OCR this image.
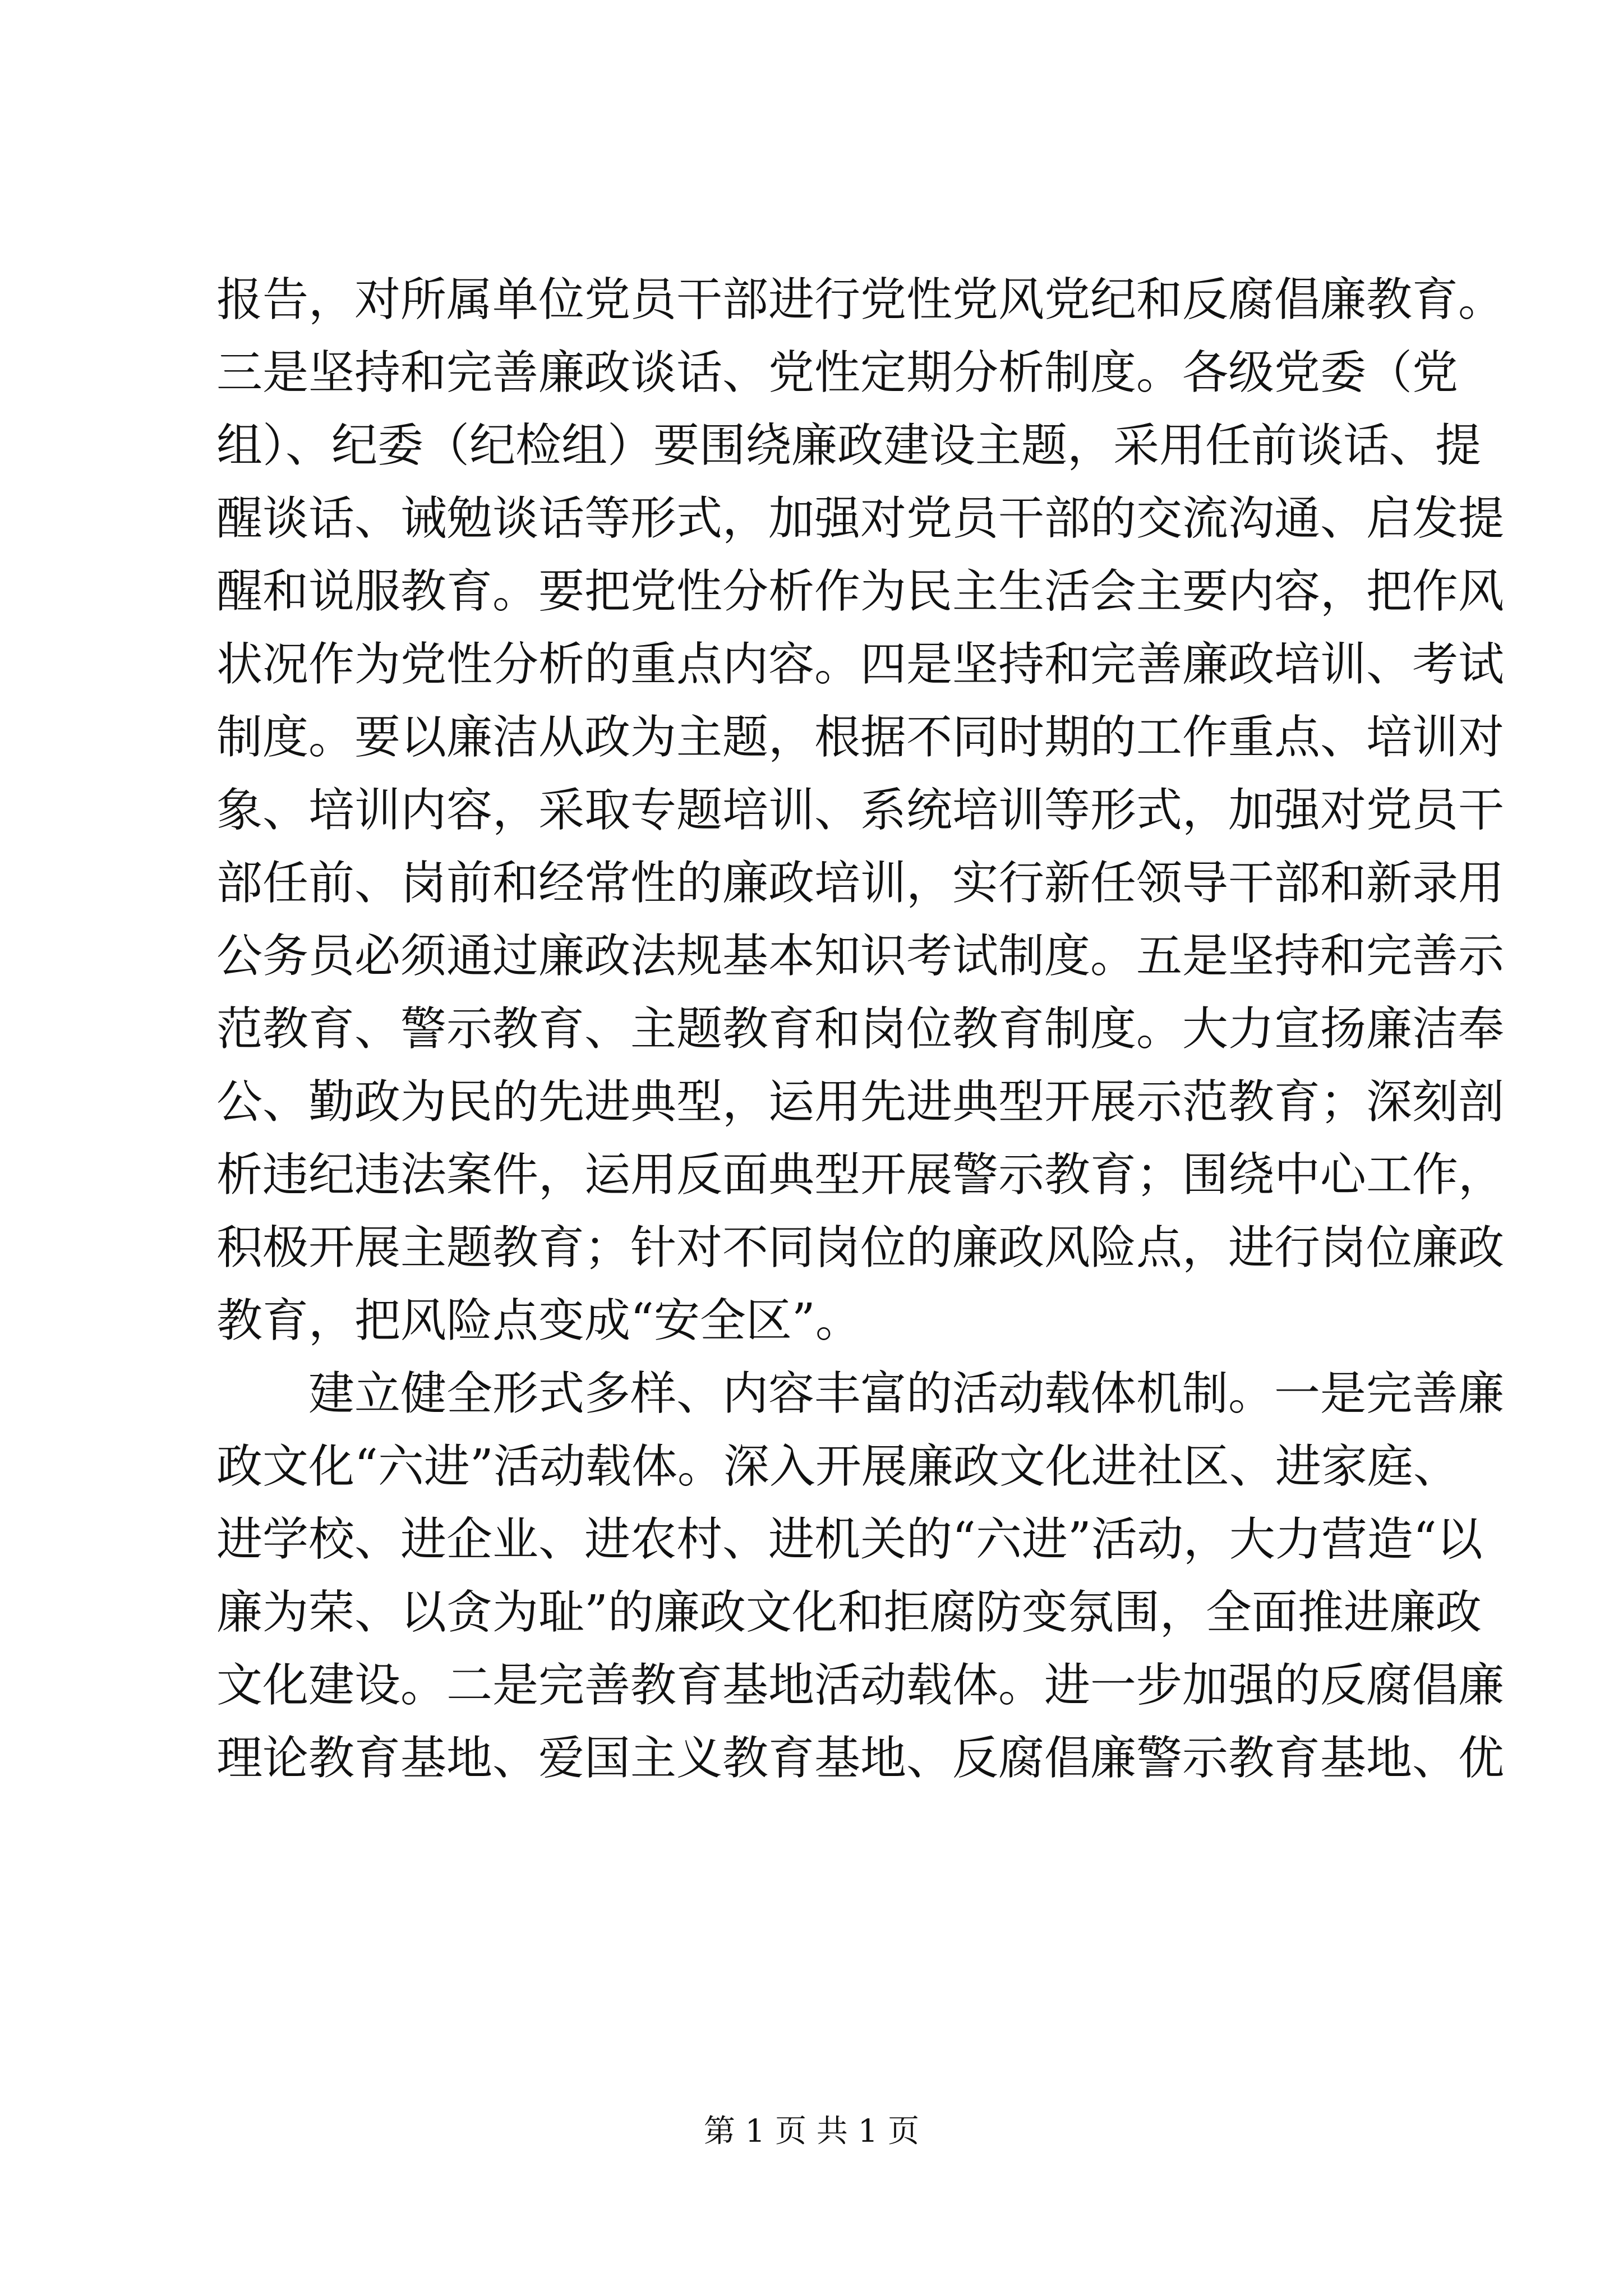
报告，对所属单位党员干部进行党性党风党纪和反腐倡廉教育。
三是坚持和完善廉政谈话、党性定期分析制度。各级党委（党
组）、纪委（纪检组）要围绕廉政建设主题，采用任前谈话、提
醒谈话、诫勉谈话等形式，加强对党员干部的交流沟通、启发提
醒和说服教育。要把党性分析作为民主生活会主要内容，把作风
状况作为党性分析的重点内容。四是坚持和完善廉政培训、考试
制度。要以廉洁从政为主题，根据不同时期的工作重点、培训对
象、培训内容，采取专题培训、系统培训等形式，加强对党员干
部任前、岗前和经常性的廉政培训，实行新任领导干部和新录用
公务员必须通过廉政法规基本知识考试制度。五是坚持和完善示
范教育、警示教育、主题教育和岗位教育制度。大力宣扬廉洁奉
公、勤政为民的先进典型，运用先进典型开展示范教育；深刻剖
析违纪违法案件，运用反面典型开展警示教育；围绕中心工作，
积极开展主题教育；针对不同岗位的廉政风险点，进行岗位廉政
教育，把风险点变成“安全区”。
建立健全形式多样、内容丰富的活动载体机制。一是完善廉
政文化“六进”活动载体。深入开展廉政文化进社区、进家庭、
进学校、进企业、进农村、进机关的“六进”活动，大力营造“以
廉为荣、以贪为耻”的廉政文化和拒腐防变氛围，全面推进廉政
文化建设。二是完善教育基地活动载体。进一步加强的反腐倡廉
理论教育基地、爱国主义教育基地、反腐倡廉警示教育基地、优
第 1 页 共 1 页
